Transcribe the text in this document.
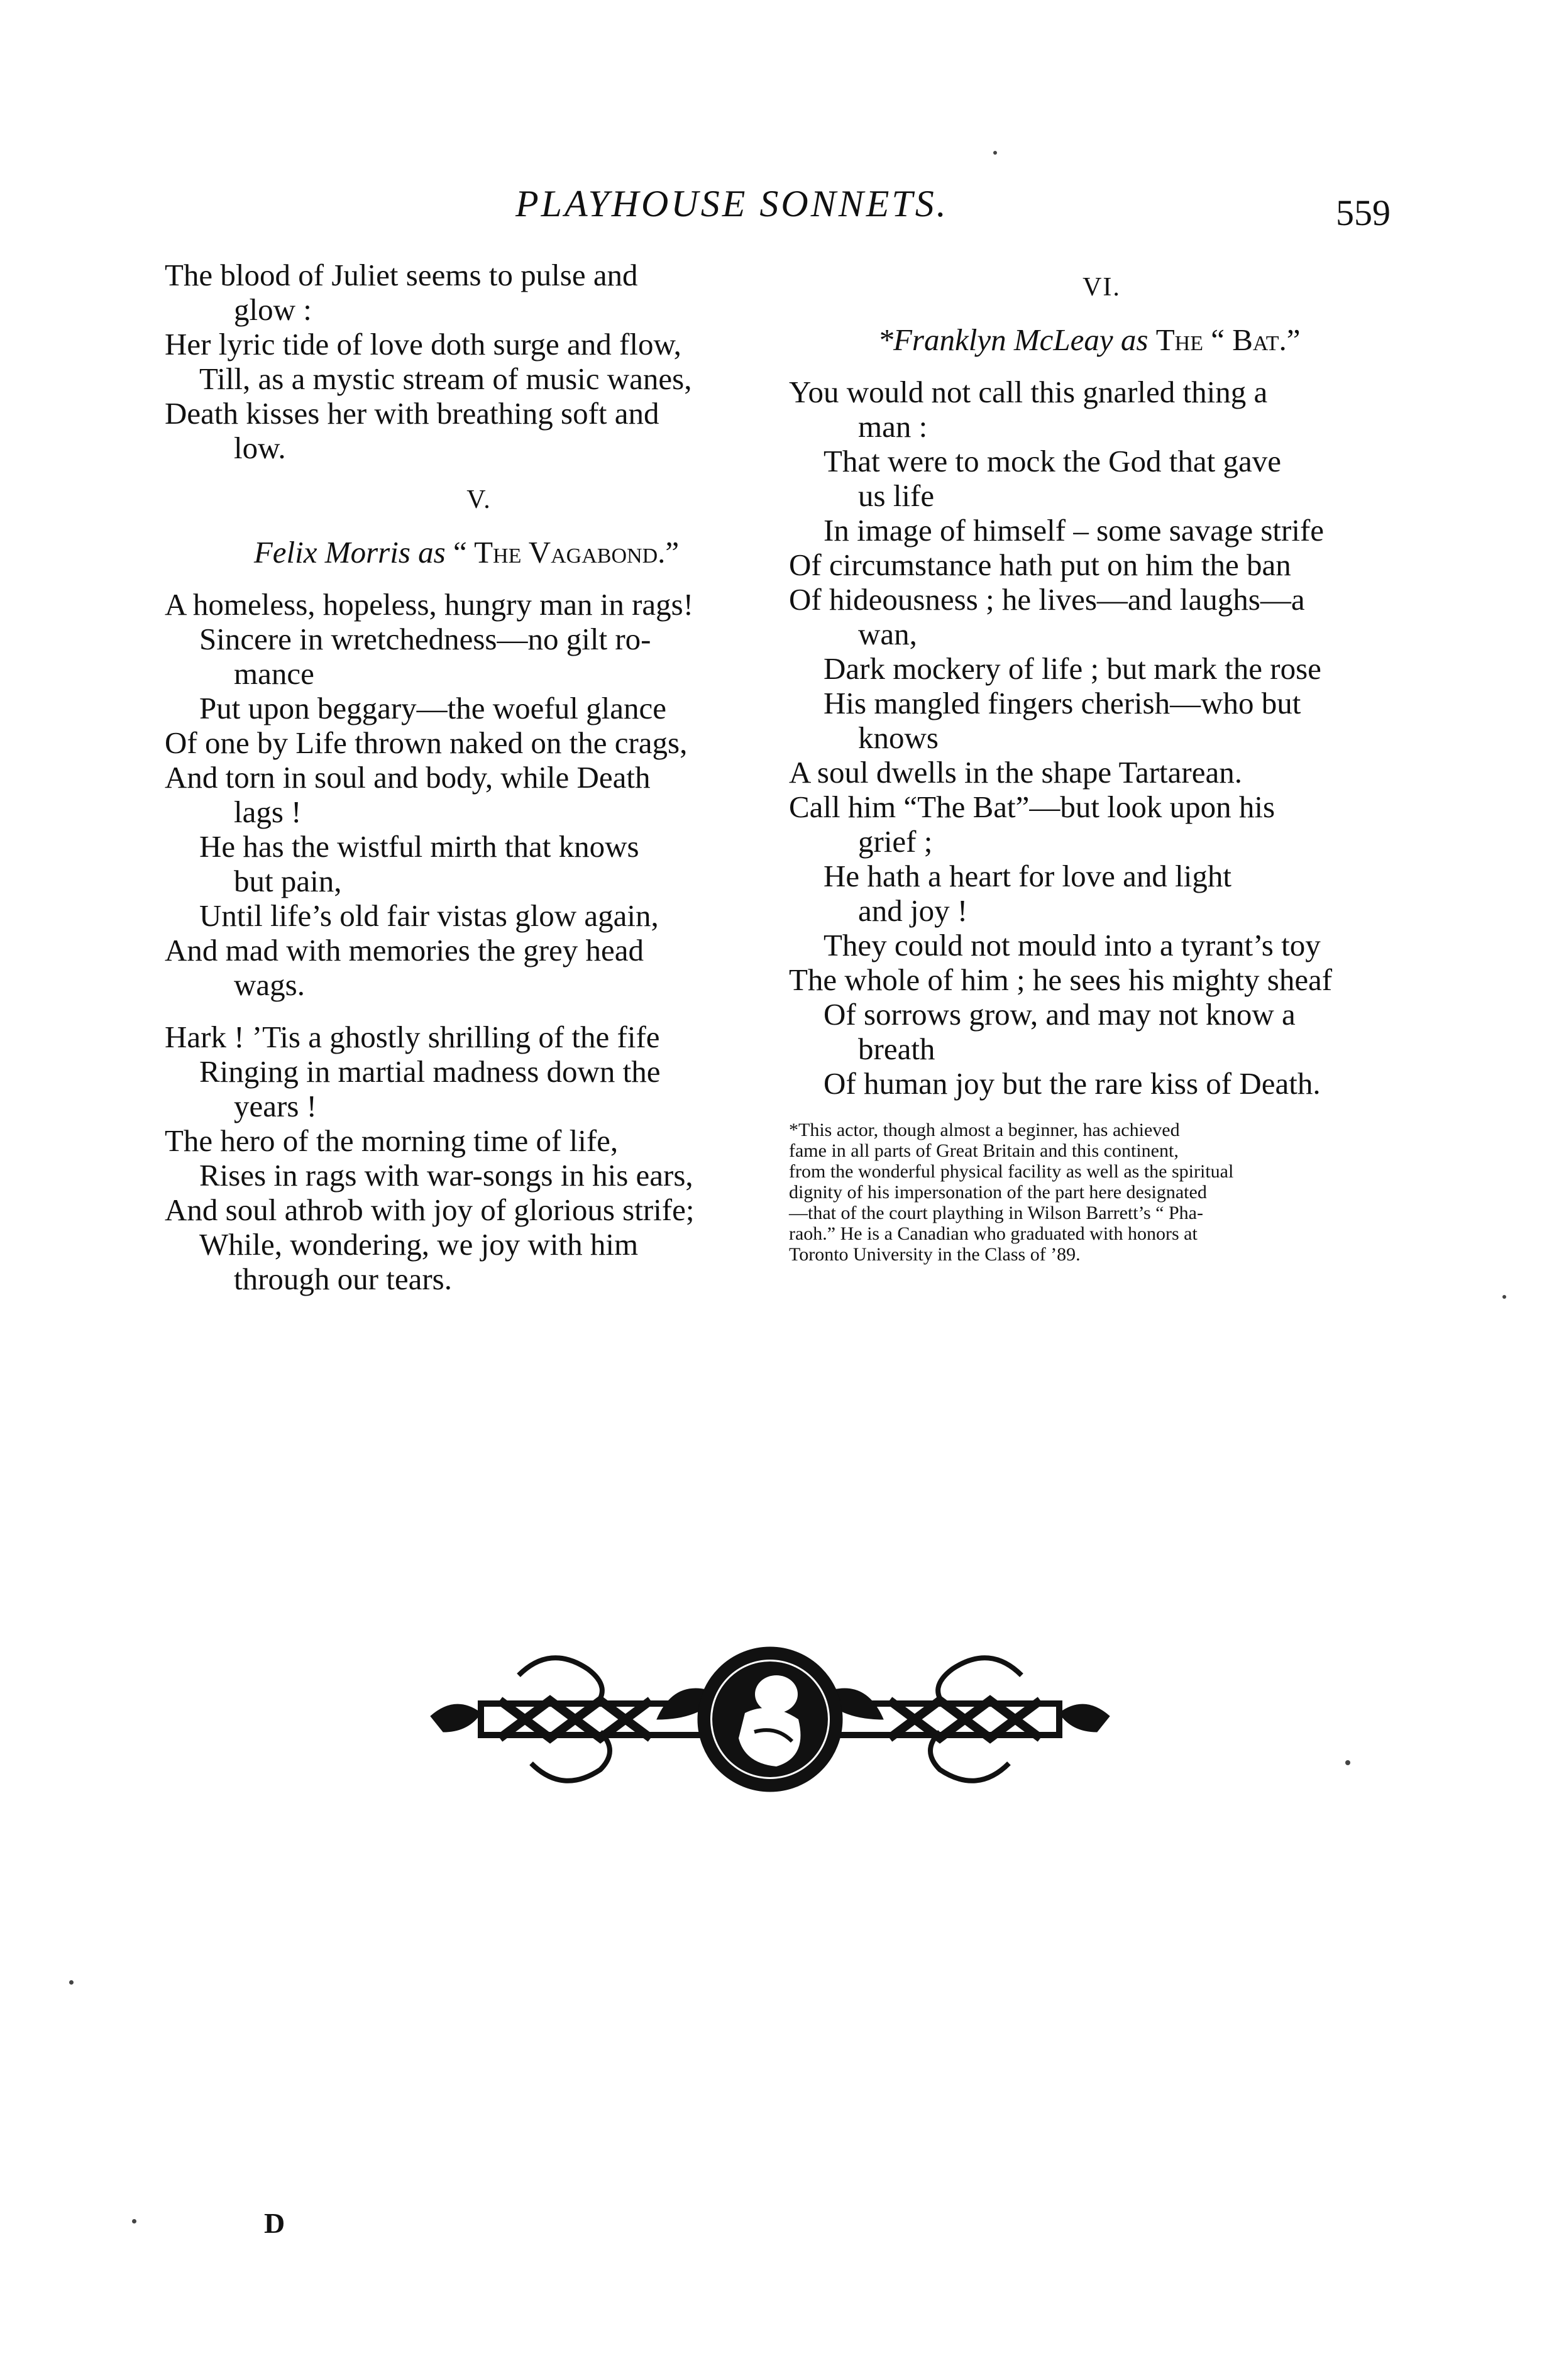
PLAYHOUSE SONNETS.	559
The blood of Juliet seems to pulse and
glow :
Her lyric tide of love doth surge and flow,
Till, as a mystic stream of music wanes,
Death kisses her with breathing soft and
low.
V.
Felix Morris as “ The Vagabond.”
A homeless, hopeless, hungry man in rags!
Sincere in wretchedness—no gilt ro-
mance
Put upon beggary—the woeful glance
Of one by Life thrown naked on the crags,
And torn in soul and body, while Death
lags !
He has the wistful mirth that knows
but pain,
Until life’s old fair vistas glow again,
And mad with memories the grey head
wags.
Hark ! ’Tis a ghostly shrilling of the fife
Ringing in martial madness down the
years !
The hero of the morning time of life,
Rises in rags with war-songs in his ears,
And soul athrob with joy of glorious strife;
While, wondering, we joy with him
through our tears.
VI.
*Franklyn McLeay as The “ Bat.”
You would not call this gnarled thing a
man :
That were to mock the God that gave
us life
In image of himself – some savage strife
Of circumstance hath put on him the ban
Of hideousness ; he lives—and laughs—a
wan,
Dark mockery of life ; but mark the rose
His mangled fingers cherish—who but
knows
A soul dwells in the shape Tartarean.
Call him “The Bat”—but look upon his
grief ;
He hath a heart for love and light
and joy !
They could not mould into a tyrant’s toy
The whole of him ; he sees his mighty sheaf
Of sorrows grow, and may not know a
breath
Of human joy but the rare kiss of Death.
*This actor, though almost a beginner, has achieved
fame in all parts of Great Britain and this continent,
from the wonderful physical facility as well as the spiritual
dignity of his impersonation of the part here designated
—that of the court plaything in Wilson Barrett’s “ Pha-
raoh.” He is a Canadian who graduated with honors at
Toronto University in the Class of ’89.
D
